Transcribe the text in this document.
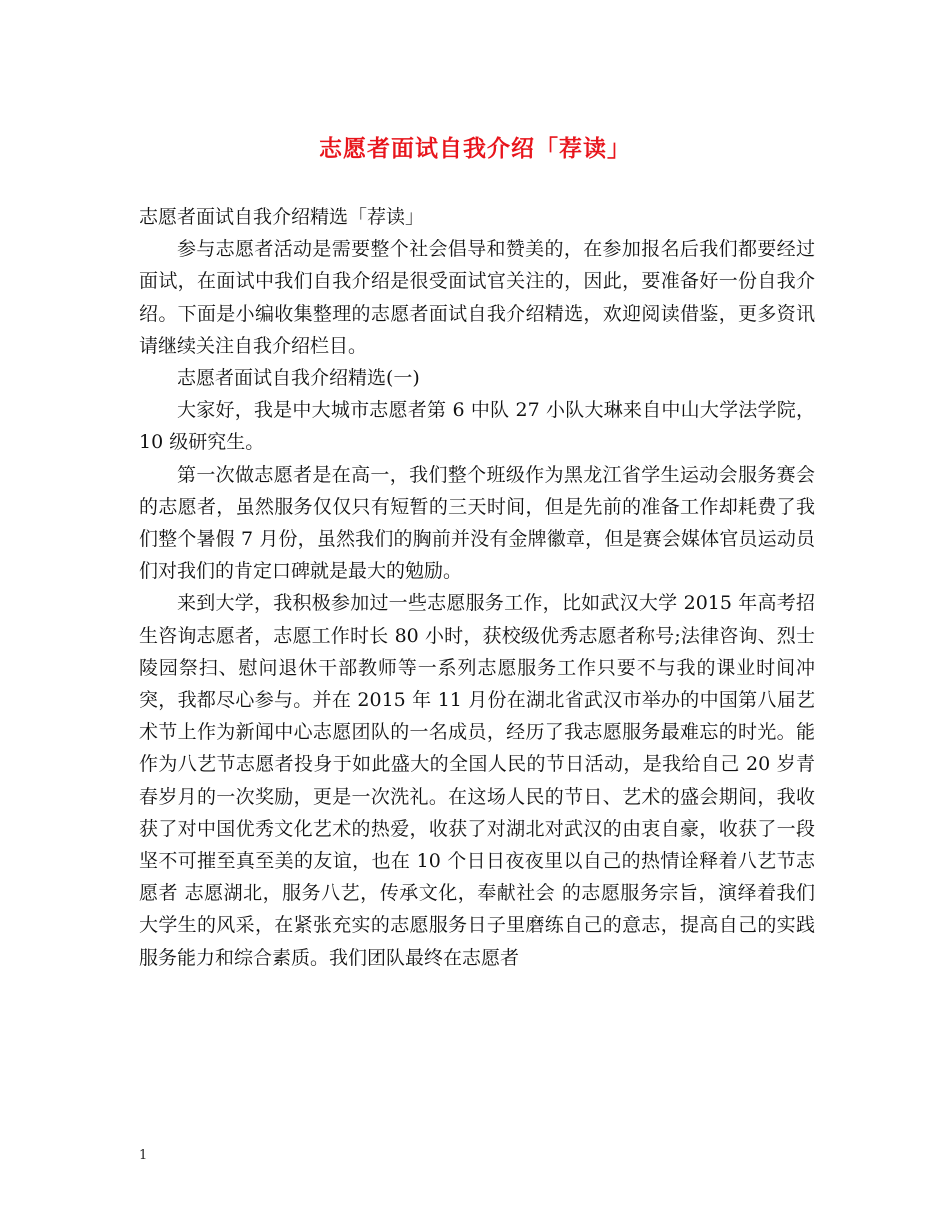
志愿者面试自我介绍「荐读」

志愿者面试自我介绍精选「荐读」

参与志愿者活动是需要整个社会倡导和赞美的，在参加报名后我们都要经过面试，在面试中我们自我介绍是很受面试官关注的，因此，要准备好一份自我介绍。下面是小编收集整理的志愿者面试自我介绍精选，欢迎阅读借鉴，更多资讯请继续关注自我介绍栏目。

志愿者面试自我介绍精选(一)

大家好，我是中大城市志愿者第 6 中队 27 小队大琳来自中山大学法学院，10 级研究生。

第一次做志愿者是在高一，我们整个班级作为黑龙江省学生运动会服务赛会的志愿者，虽然服务仅仅只有短暂的三天时间，但是先前的准备工作却耗费了我们整个暑假 7 月份，虽然我们的胸前并没有金牌徽章，但是赛会媒体官员运动员们对我们的肯定口碑就是最大的勉励。

来到大学，我积极参加过一些志愿服务工作，比如武汉大学 2015 年高考招生咨询志愿者，志愿工作时长 80 小时，获校级优秀志愿者称号;法律咨询、烈士陵园祭扫、慰问退休干部教师等一系列志愿服务工作只要不与我的课业时间冲突，我都尽心参与。并在 2015 年 11 月份在湖北省武汉市举办的中国第八届艺术节上作为新闻中心志愿团队的一名成员，经历了我志愿服务最难忘的时光。能作为八艺节志愿者投身于如此盛大的全国人民的节日活动，是我给自己 20 岁青春岁月的一次奖励，更是一次洗礼。在这场人民的节日、艺术的盛会期间，我收获了对中国优秀文化艺术的热爱，收获了对湖北对武汉的由衷自豪，收获了一段坚不可摧至真至美的友谊，也在 10 个日日夜夜里以自己的热情诠释着八艺节志愿者 志愿湖北，服务八艺，传承文化，奉献社会 的志愿服务宗旨，演绎着我们大学生的风采，在紧张充实的志愿服务日子里磨练自己的意志，提高自己的实践服务能力和综合素质。我们团队最终在志愿者

1
